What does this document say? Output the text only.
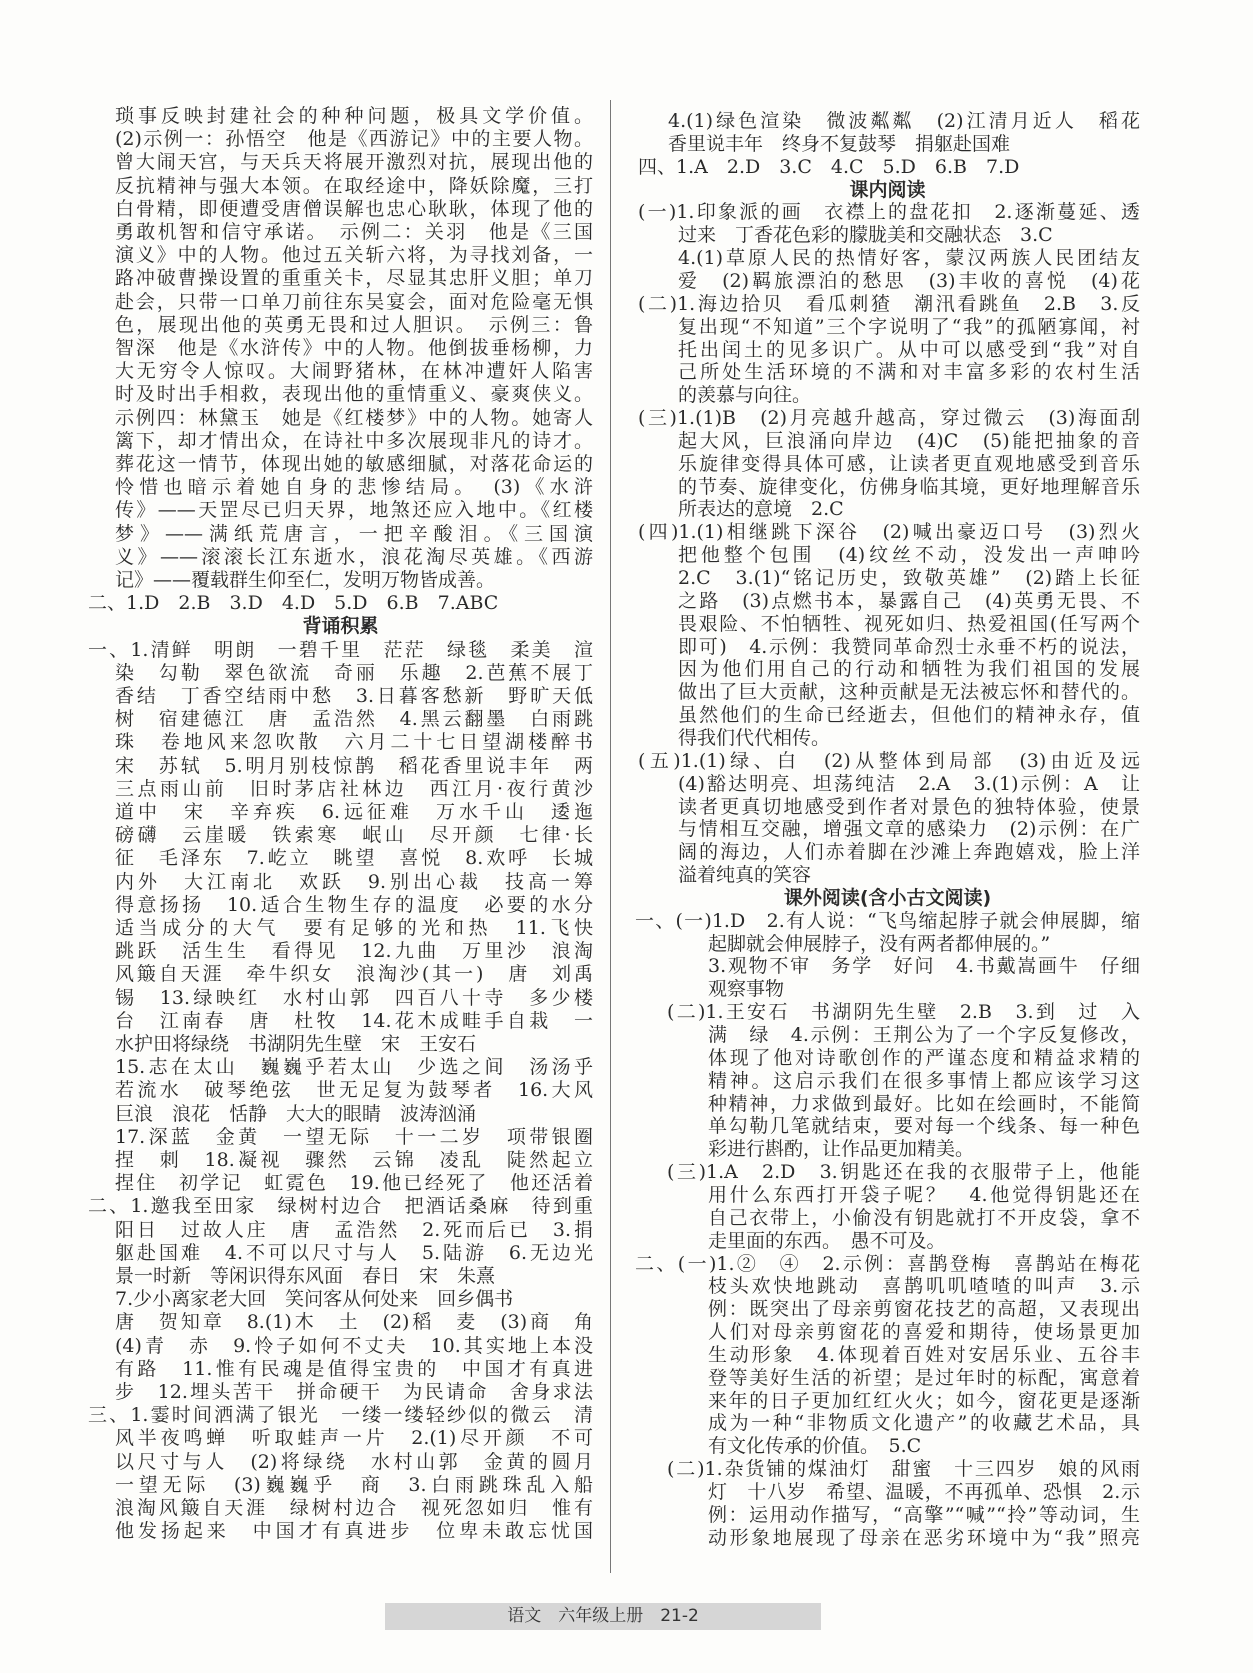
琐事反映封建社会的种种问题，极具文学价值。
(2)示例一：孙悟空　他是《西游记》中的主要人物。
曾大闹天宫，与天兵天将展开激烈对抗，展现出他的
反抗精神与强大本领。在取经途中，降妖除魔，三打
白骨精，即便遭受唐僧误解也忠心耿耿，体现了他的
勇敢机智和信守承诺。　示例二：关羽　他是《三国
演义》中的人物。他过五关斩六将，为寻找刘备，一
路冲破曹操设置的重重关卡，尽显其忠肝义胆；单刀
赴会，只带一口单刀前往东吴宴会，面对危险毫无惧
色，展现出他的英勇无畏和过人胆识。　示例三：鲁
智深　他是《水浒传》中的人物。他倒拔垂杨柳，力
大无穷令人惊叹。大闹野猪林，在林冲遭奸人陷害
时及时出手相救，表现出他的重情重义、豪爽侠义。
示例四：林黛玉　她是《红楼梦》中的人物。她寄人
篱下，却才情出众，在诗社中多次展现非凡的诗才。
葬花这一情节，体现出她的敏感细腻，对落花命运的
怜惜也暗示着她自身的悲惨结局。　(3)《水浒
传》——天罡尽已归天界，地煞还应入地中。《红楼
梦》——满纸荒唐言，一把辛酸泪。《三国演
义》——滚滚长江东逝水，浪花淘尽英雄。《西游
记》——覆载群生仰至仁，发明万物皆成善。
二、1.D　2.B　3.D　4.D　5.D　6.B　7.ABC
背诵积累
一、1.清鲜　明朗　一碧千里　茫茫　绿毯　柔美　渲
染　勾勒　翠色欲流　奇丽　乐趣　2.芭蕉不展丁
香结　丁香空结雨中愁　3.日暮客愁新　野旷天低
树　宿建德江　唐　孟浩然　4.黑云翻墨　白雨跳
珠　卷地风来忽吹散　六月二十七日望湖楼醉书
宋　苏轼　5.明月别枝惊鹊　稻花香里说丰年　两
三点雨山前　旧时茅店社林边　西江月·夜行黄沙
道中　宋　辛弃疾　6.远征难　万水千山　逶迤
磅礴　云崖暖　铁索寒　岷山　尽开颜　七律·长
征　毛泽东　7.屹立　眺望　喜悦　8.欢呼　长城
内外　大江南北　欢跃　9.别出心裁　技高一筹
得意扬扬　10.适合生物生存的温度　必要的水分
适当成分的大气　要有足够的光和热　11.飞快
跳跃　活生生　看得见　12.九曲　万里沙　浪淘
风簸自天涯　牵牛织女　浪淘沙(其一)　唐　刘禹
锡　13.绿映红　水村山郭　四百八十寺　多少楼
台　江南春　唐　杜牧　14.花木成畦手自栽　一
水护田将绿绕　书湖阴先生壁　宋　王安石
15.志在太山　巍巍乎若太山　少选之间　汤汤乎
若流水　破琴绝弦　世无足复为鼓琴者　16.大风
巨浪　浪花　恬静　大大的眼睛　波涛汹涌
17.深蓝　金黄　一望无际　十一二岁　项带银圈
捏　刺　18.凝视　骤然　云锦　凌乱　陡然起立
捏住　初学记　虹霓色　19.他已经死了　他还活着
二、1.邀我至田家　绿树村边合　把酒话桑麻　待到重
阳日　过故人庄　唐　孟浩然　2.死而后已　3.捐
躯赴国难　4.不可以尺寸与人　5.陆游　6.无边光
景一时新　等闲识得东风面　春日　宋　朱熹
7.少小离家老大回　笑问客从何处来　回乡偶书
唐　贺知章　8.(1)木　土　(2)稻　麦　(3)商　角
(4)青　赤　9.怜子如何不丈夫　10.其实地上本没
有路　11.惟有民魂是值得宝贵的　中国才有真进
步　12.埋头苦干　拼命硬干　为民请命　舍身求法
三、1.霎时间洒满了银光　一缕一缕轻纱似的微云　清
风半夜鸣蝉　听取蛙声一片　2.(1)尽开颜　不可
以尺寸与人　(2)将绿绕　水村山郭　金黄的圆月
一望无际　(3)巍巍乎　商　3.白雨跳珠乱入船
浪淘风簸自天涯　绿树村边合　视死忽如归　惟有
他发扬起来　中国才有真进步　位卑未敢忘忧国
4.(1)绿色渲染　微波粼粼　(2)江清月近人　稻花
香里说丰年　终身不复鼓琴　捐躯赴国难
四、1.A　2.D　3.C　4.C　5.D　6.B　7.D
课内阅读
(一)1.印象派的画　衣襟上的盘花扣　2.逐渐蔓延、透
过来　丁香花色彩的朦胧美和交融状态　3.C
4.(1)草原人民的热情好客，蒙汉两族人民团结友
爱　(2)羁旅漂泊的愁思　(3)丰收的喜悦　(4)花
(二)1.海边拾贝　看瓜刺猹　潮汛看跳鱼　2.B　3.反
复出现“不知道”三个字说明了“我”的孤陋寡闻，衬
托出闰土的见多识广。从中可以感受到“我”对自
己所处生活环境的不满和对丰富多彩的农村生活
的羡慕与向往。
(三)1.(1)B　(2)月亮越升越高，穿过微云　(3)海面刮
起大风，巨浪涌向岸边　(4)C　(5)能把抽象的音
乐旋律变得具体可感，让读者更直观地感受到音乐
的节奏、旋律变化，仿佛身临其境，更好地理解音乐
所表达的意境　2.C
(四)1.(1)相继跳下深谷　(2)喊出豪迈口号　(3)烈火
把他整个包围　(4)纹丝不动，没发出一声呻吟
2.C　3.(1)“铭记历史，致敬英雄”　(2)踏上长征
之路　(3)点燃书本，暴露自己　(4)英勇无畏、不
畏艰险、不怕牺牲、视死如归、热爱祖国(任写两个
即可)　4.示例：我赞同革命烈士永垂不朽的说法，
因为他们用自己的行动和牺牲为我们祖国的发展
做出了巨大贡献，这种贡献是无法被忘怀和替代的。
虽然他们的生命已经逝去，但他们的精神永存，值
得我们代代相传。
(五)1.(1)绿、白　(2)从整体到局部　(3)由近及远
(4)豁达明亮、坦荡纯洁　2.A　3.(1)示例：A　让
读者更真切地感受到作者对景色的独特体验，使景
与情相互交融，增强文章的感染力　(2)示例：在广
阔的海边，人们赤着脚在沙滩上奔跑嬉戏，脸上洋
溢着纯真的笑容
课外阅读(含小古文阅读)
一、(一)1.D　2.有人说：“飞鸟缩起脖子就会伸展脚，缩
起脚就会伸展脖子，没有两者都伸展的。”
3.观物不审　务学　好问　4.书戴嵩画牛　仔细
观察事物
(二)1.王安石　书湖阴先生壁　2.B　3.到　过　入
满　绿　4.示例：王荆公为了一个字反复修改，
体现了他对诗歌创作的严谨态度和精益求精的
精神。这启示我们在很多事情上都应该学习这
种精神，力求做到最好。比如在绘画时，不能简
单勾勒几笔就结束，要对每一个线条、每一种色
彩进行斟酌，让作品更加精美。
(三)1.A　2.D　3.钥匙还在我的衣服带子上，他能
用什么东西打开袋子呢？　4.他觉得钥匙还在
自己衣带上，小偷没有钥匙就打不开皮袋，拿不
走里面的东西。　愚不可及。
二、(一)1.②　④　2.示例：喜鹊登梅　喜鹊站在梅花
枝头欢快地跳动　喜鹊叽叽喳喳的叫声　3.示
例：既突出了母亲剪窗花技艺的高超，又表现出
人们对母亲剪窗花的喜爱和期待，使场景更加
生动形象　4.体现着百姓对安居乐业、五谷丰
登等美好生活的祈望；是过年时的标配，寓意着
来年的日子更加红红火火；如今，窗花更是逐渐
成为一种“非物质文化遗产”的收藏艺术品，具
有文化传承的价值。　5.C
(二)1.杂货铺的煤油灯　甜蜜　十三四岁　娘的风雨
灯　十八岁　希望、温暖，不再孤单、恐惧　2.示
例：运用动作描写，“高擎”“喊”“拎”等动词，生
动形象地展现了母亲在恶劣环境中为“我”照亮
语文　 六年级上册　 21-2
